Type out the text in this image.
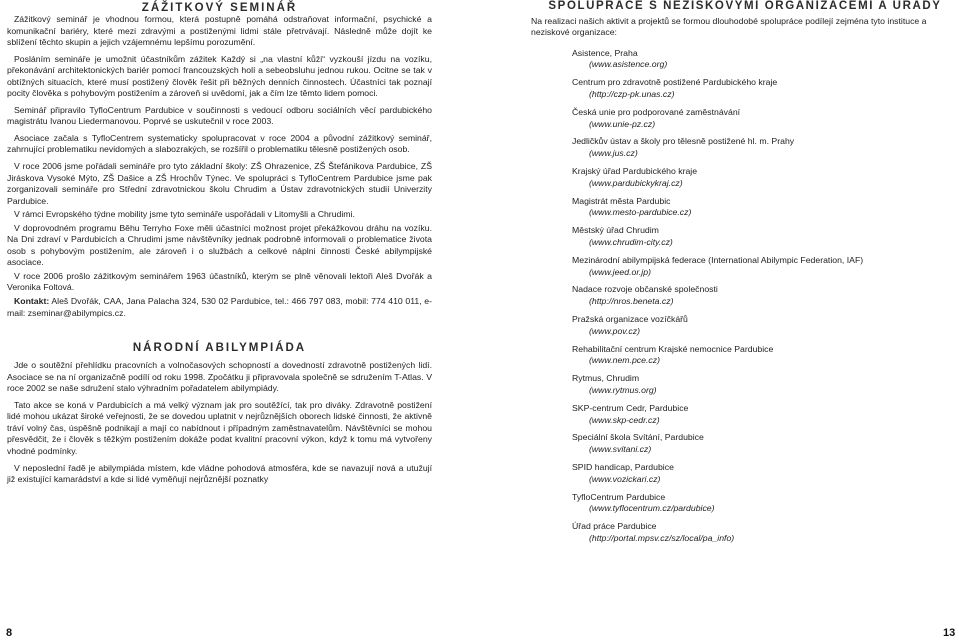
ZÁŽITKOVÝ SEMINÁŘ

Zážitkový seminář je vhodnou formou, která postupně pomáhá odstraňovat informační, psychické a komunikační bariéry, které mezi zdravými a postiženými lidmi stále přetrvávají. Následně může dojít ke sblížení těchto skupin a jejich vzájemnému lepšímu porozumění.

Posláním semináře je umožnit účastníkům zážitek Každý si „na vlastní kůži“ vyzkouší jízdu na vozíku, překonávání architektonických bariér pomocí francouzských holí a sebeobsluhu jednou rukou. Ocitne se tak v obtížných situacích, které musí postižený člověk řešit při běžných denních činnostech. Účastníci tak poznají pocity člověka s pohybovým postižením a zároveň si uvědomí, jak a čím lze těmto lidem pomoci.

Seminář připravilo TyfloCentrum Pardubice v součinnosti s vedoucí odboru sociálních věcí pardubického magistrátu Ivanou Liedermanovou. Poprvé se uskutečnil v roce 2003.

Asociace začala s TyfloCentrem systematicky spolupracovat v roce 2004 a původní zážitkový seminář, zahrnující problematiku nevidomých a slabozrakých, se rozšířil o problematiku tělesně postižených osob.

V roce 2006 jsme pořádali semináře pro tyto základní školy: ZŠ Ohrazenice, ZŠ Štefánikova Pardubice, ZŠ Jiráskova Vysoké Mýto, ZŠ Dašice a ZŠ Hrochův Týnec. Ve spolupráci s TyfloCentrem Pardubice jsme pak zorganizovali semináře pro Střední zdravotnickou školu Chrudim a Ústav zdravotnických studií Univerzity Pardubice.

V rámci Evropského týdne mobility jsme tyto semináře uspořádali v Litomyšli a Chrudimi.

V doprovodném programu Běhu Terryho Foxe měli účastníci možnost projet překážkovou dráhu na vozíku. Na Dni zdraví v Pardubicích a Chrudimi jsme návštěvníky jednak podrobně informovali o problematice života osob s pohybovým postižením, ale zároveň i o službách a celkové náplni činnosti České abilympijské asociace.

V roce 2006 prošlo zážitkovým seminářem 1963 účastníků, kterým se plně věnovali lektoři Aleš Dvořák a Veronika Foltová.

Kontakt: Aleš Dvořák, CAA, Jana Palacha 324, 530 02 Pardubice, tel.: 466 797 083, mobil: 774 410 011, e-mail: zseminar@abilympics.cz.

NÁRODNÍ ABILYMPIÁDA

Jde o soutěžní přehlídku pracovních a volnočasových schopností a dovedností zdravotně postižených lidí. Asociace se na ní organizačně podílí od roku 1998. Zpočátku ji připravovala společně se sdružením T-Atlas. V roce 2002 se naše sdružení stalo výhradním pořadatelem abilympiády.

Tato akce se koná v Pardubicích a má velký význam jak pro soutěžící, tak pro diváky. Zdravotně postižení lidé mohou ukázat široké veřejnosti, že se dovedou uplatnit v nejrůznějších oborech lidské činnosti, že aktivně tráví volný čas, úspěšně podnikají a mají co nabídnout i případným zaměstnavatelům. Návštěvníci se mohou přesvědčit, že i člověk s těžkým postižením dokáže podat kvalitní pracovní výkon, když k tomu má vytvořeny vhodné podmínky.

V neposlední řadě je abilympiáda místem, kde vládne pohodová atmosféra, kde se navazují nová a utužují již existující kamarádství a kde si lidé vyměňují nejrůznější poznatky

SPOLUPRÁCE S NEZISKOVÝMI ORGANIZACEMI A ÚŘADY

Na realizaci našich aktivit a projektů se formou dlouhodobé spolupráce podílejí zejména tyto instituce a neziskové organizace:

Asistence, Praha
(www.asistence.org)
Centrum pro zdravotně postižené Pardubického kraje
(http://czp-pk.unas.cz)
Česká unie pro podporované zaměstnávání
(www.unie-pz.cz)
Jedličkův ústav a školy pro tělesně postižené hl. m. Prahy
(www.jus.cz)
Krajský úřad Pardubického kraje
(www.pardubickykraj.cz)
Magistrát města Pardubic
(www.mesto-pardubice.cz)
Městský úřad Chrudim
(www.chrudim-city.cz)
Mezinárodní abilympijská federace (International Abilympic Federation, IAF)
(www.jeed.or.jp)
Nadace rozvoje občanské společnosti
(http://nros.beneta.cz)
Pražská organizace vozíčkářů
(www.pov.cz)
Rehabilitační centrum Krajské nemocnice Pardubice
(www.nem.pce.cz)
Rytmus, Chrudim
(www.rytmus.org)
SKP-centrum Cedr, Pardubice
(www.skp-cedr.cz)
Speciální škola Svítání, Pardubice
(www.svitani.cz)
SPID handicap, Pardubice
(www.vozickari.cz)
TyfloCentrum Pardubice
(www.tyflocentrum.cz/pardubice)
Úřad práce Pardubice
(http://portal.mpsv.cz/sz/local/pa_info)
8	13
